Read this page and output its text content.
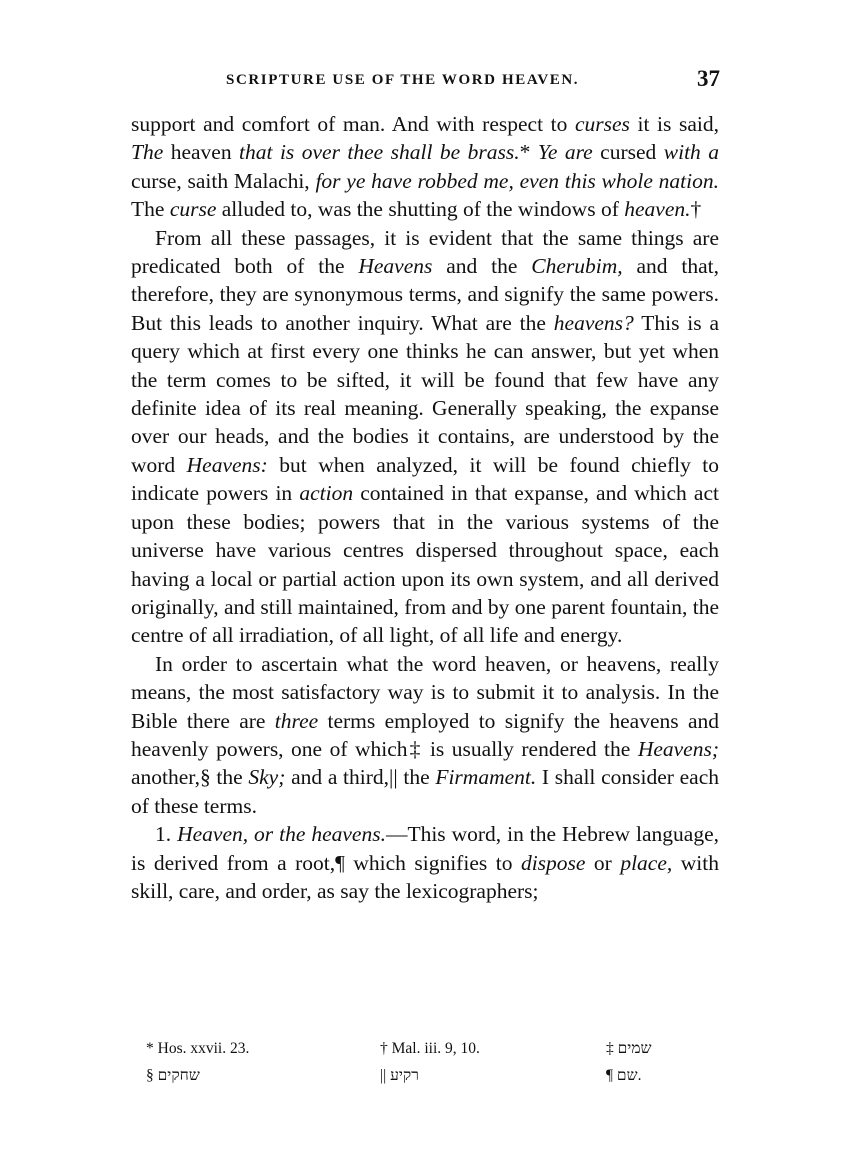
SCRIPTURE USE OF THE WORD HEAVEN.	37

support and comfort of man. And with respect to curses it is said, The heaven that is over thee shall be brass.* Ye are cursed with a curse, saith Malachi, for ye have robbed me, even this whole nation. The curse alluded to, was the shutting of the windows of heaven.†

From all these passages, it is evident that the same things are predicated both of the Heavens and the Cherubim, and that, therefore, they are synonymous terms, and signify the same powers. But this leads to another inquiry. What are the heavens? This is a query which at first every one thinks he can answer, but yet when the term comes to be sifted, it will be found that few have any definite idea of its real meaning. Generally speaking, the expanse over our heads, and the bodies it contains, are understood by the word Heavens: but when analyzed, it will be found chiefly to indicate powers in action contained in that expanse, and which act upon these bodies; powers that in the various systems of the universe have various centres dispersed throughout space, each having a local or partial action upon its own system, and all derived originally, and still maintained, from and by one parent fountain, the centre of all irradiation, of all light, of all life and energy.

In order to ascertain what the word heaven, or heavens, really means, the most satisfactory way is to submit it to analysis. In the Bible there are three terms employed to signify the heavens and heavenly powers, one of which‡ is usually rendered the Heavens; another,§ the Sky; and a third,|| the Firmament. I shall consider each of these terms.

1. Heaven, or the heavens.—This word, in the Hebrew language, is derived from a root,¶ which signifies to dispose or place, with skill, care, and order, as say the lexicographers;

* Hos. xxvii. 23.	† Mal. iii. 9, 10.	‡ שמים
§ שחקים	|| רקיע	¶ שם.
